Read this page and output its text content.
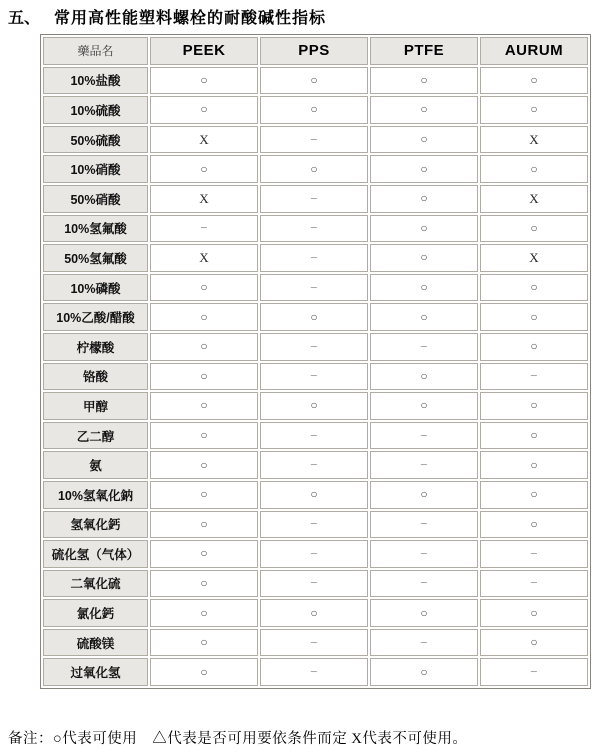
五、 常用高性能塑料螺栓的耐酸碱性指标
藥品名	PEEK	PPS	PTFE	AURUM
10%盐酸	○	○	○	○
10%硫酸	○	○	○	○
50%硫酸	X	−	○	X
10%硝酸	○	○	○	○
50%硝酸	X	−	○	X
10%氢氟酸	−	−	○	○
50%氢氟酸	X	−	○	X
10%磷酸	○	−	○	○
10%乙酸/醋酸	○	○	○	○
柠檬酸	○	−	−	○
铬酸	○	−	○	−
甲醇	○	○	○	○
乙二醇	○	−	−	○
氨	○	−	−	○
10%氢氧化鈉	○	○	○	○
氢氧化鈣	○	−	−	○
硫化氢（气体）	○	−	−	−
二氧化硫	○	−	−	−
氯化鈣	○	○	○	○
硫酸镁	○	−	−	○
过氧化氢	○	−	○	−
备注：○代表可使用　△代表是否可用要依条件而定 X代表不可使用。
